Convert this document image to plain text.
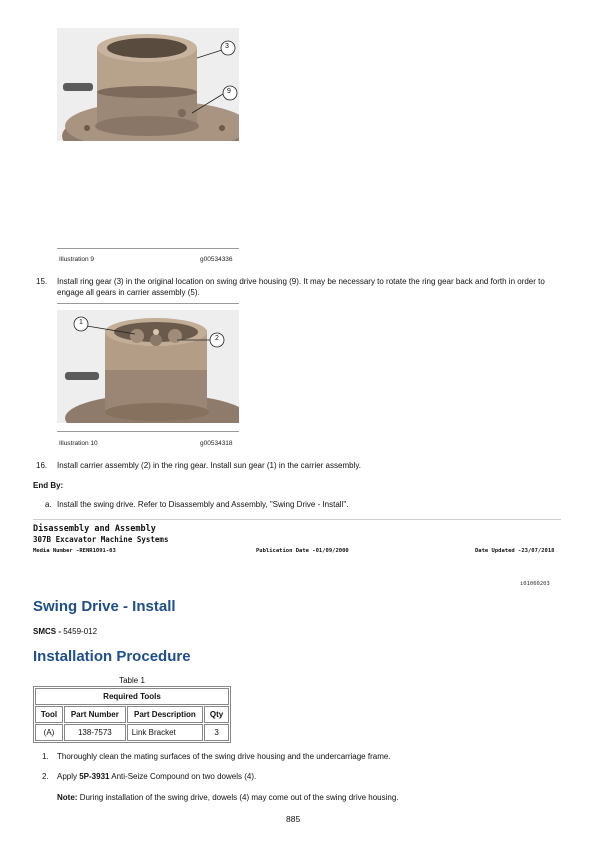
3
9
Illustration 9	g00534336
15. Install ring gear (3) in the original location on swing drive housing (9). It may be necessary to rotate the ring gear back and forth in order to engage all gears in carrier assembly (5).
1
2
Illustration 10	g00534318
16. Install carrier assembly (2) in the ring gear. Install sun gear (1) in the carrier assembly.
End By:
a. Install the swing drive. Refer to Disassembly and Assembly, "Swing Drive - Install".
Disassembly and Assembly
307B Excavator Machine Systems
Media Number -RENR1091-03	Publication Date -01/09/2000	Date Updated -23/07/2018
i01060203
Swing Drive - Install
SMCS - 5459-012
Installation Procedure
Table 1
Required Tools			
Tool	Part Number	Part Description	Qty
(A)	138-7573	Link Bracket	3
1. Thoroughly clean the mating surfaces of the swing drive housing and the undercarriage frame.
2. Apply 5P-3931 Anti-Seize Compound on two dowels (4).
Note: During installation of the swing drive, dowels (4) may come out of the swing drive housing.
885
